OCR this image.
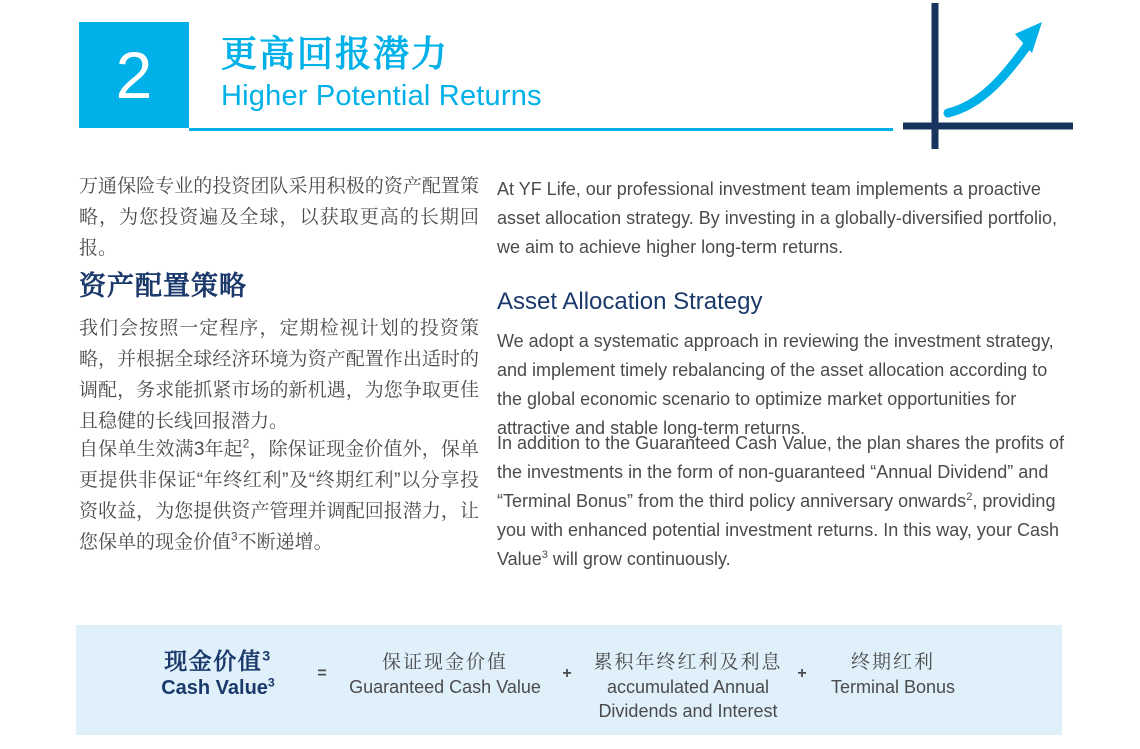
2 更高回报潜力
Higher Potential Returns

万通保险专业的投资团队采用积极的资产配置策略，为您投资遍及全球，以获取更高的长期回报。

资产配置策略

我们会按照一定程序，定期检视计划的投资策略，并根据全球经济环境为资产配置作出适时的调配，务求能抓紧市场的新机遇，为您争取更佳且稳健的长线回报潜力。

自保单生效满3年起$^2$，除保证现金价值外，保单更提供非保证“年终红利”及“终期红利”以分享投资收益，为您提供资产管理并调配回报潜力，让您保单的现金价值$^3$不断递增。

At YF Life, our professional investment team implements a proactive asset allocation strategy. By investing in a globally-diversified portfolio, we aim to achieve higher long-term returns.

Asset Allocation Strategy

We adopt a systematic approach in reviewing the investment strategy, and implement timely rebalancing of the asset allocation according to the global economic scenario to optimize market opportunities for attractive and stable long-term returns.

In addition to the Guaranteed Cash Value, the plan shares the profits of the investments in the form of non-guaranteed “Annual Dividend” and “Terminal Bonus” from the third policy anniversary onwards$^2$, providing you with enhanced potential investment returns. In this way, your Cash Value$^3$ will grow continuously.

现金价值$^3$
Cash Value$^3$
=
保证现金价值
Guaranteed Cash Value
+
累积年终红利及利息
accumulated Annual Dividends and Interest
+
终期红利
Terminal Bonus
